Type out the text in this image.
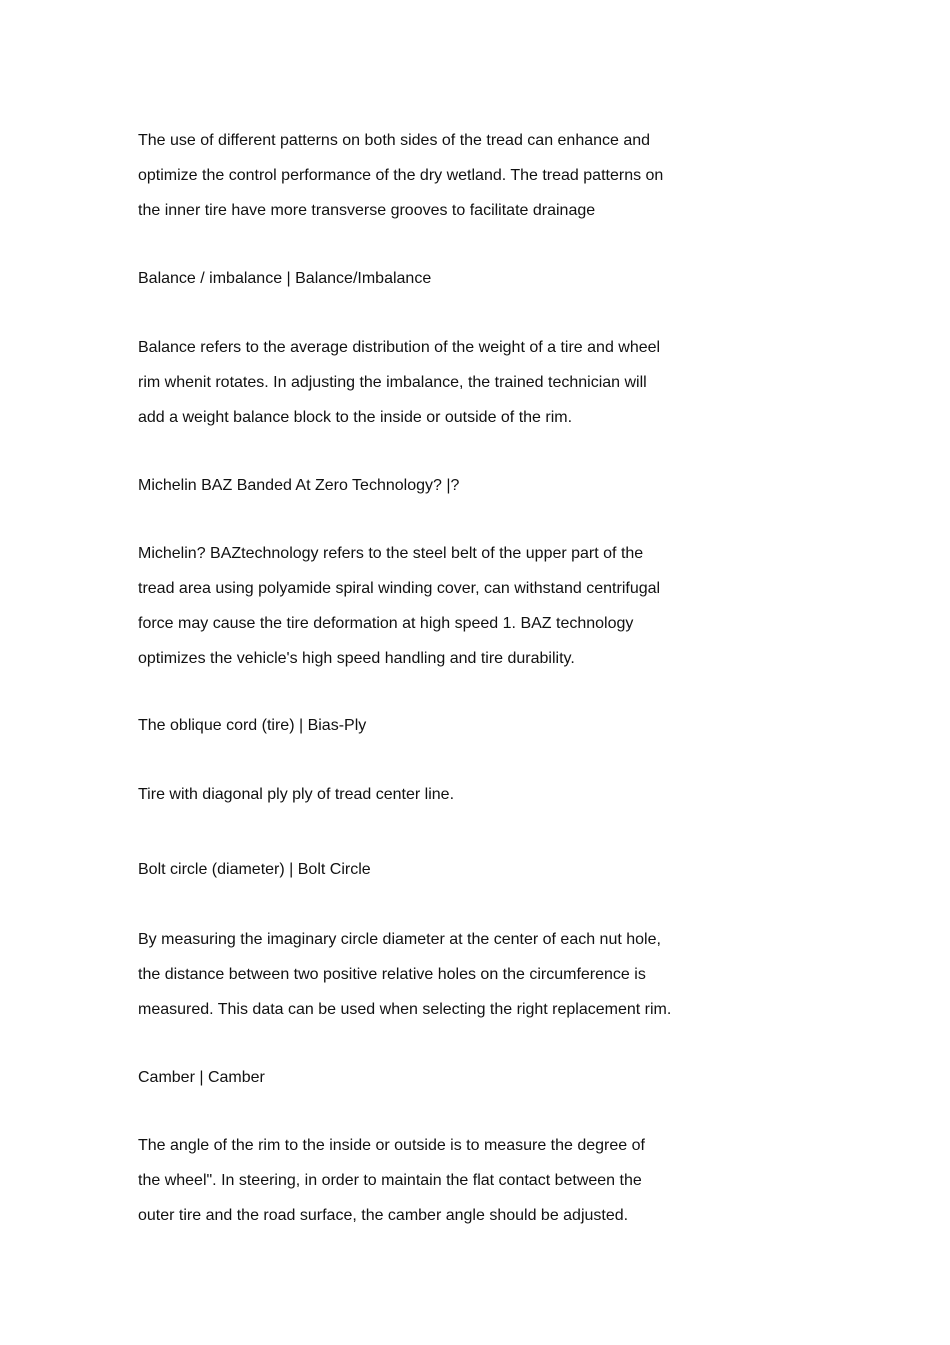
The use of different patterns on both sides of the tread can enhance and
optimize the control performance of the dry wetland. The tread patterns on
the inner tire have more transverse grooves to facilitate drainage
Balance / imbalance | Balance/Imbalance
Balance refers to the average distribution of the weight of a tire and wheel
rim whenit rotates. In adjusting the imbalance, the trained technician will
add a weight balance block to the inside or outside of the rim.
Michelin BAZ Banded At Zero Technology? |?
Michelin? BAZtechnology refers to the steel belt of the upper part of the
tread area using polyamide spiral winding cover, can withstand centrifugal
force may cause the tire deformation at high speed 1. BAZ technology
optimizes the vehicle's high speed handling and tire durability.
The oblique cord (tire) | Bias-Ply
Tire with diagonal ply ply of tread center line.
Bolt circle (diameter) | Bolt Circle
By measuring the imaginary circle diameter at the center of each nut hole,
the distance between two positive relative holes on the circumference is
measured. This data can be used when selecting the right replacement rim.
Camber | Camber
The angle of the rim to the inside or outside is to measure the degree of
the wheel". In steering, in order to maintain the flat contact between the
outer tire and the road surface, the camber angle should be adjusted.
